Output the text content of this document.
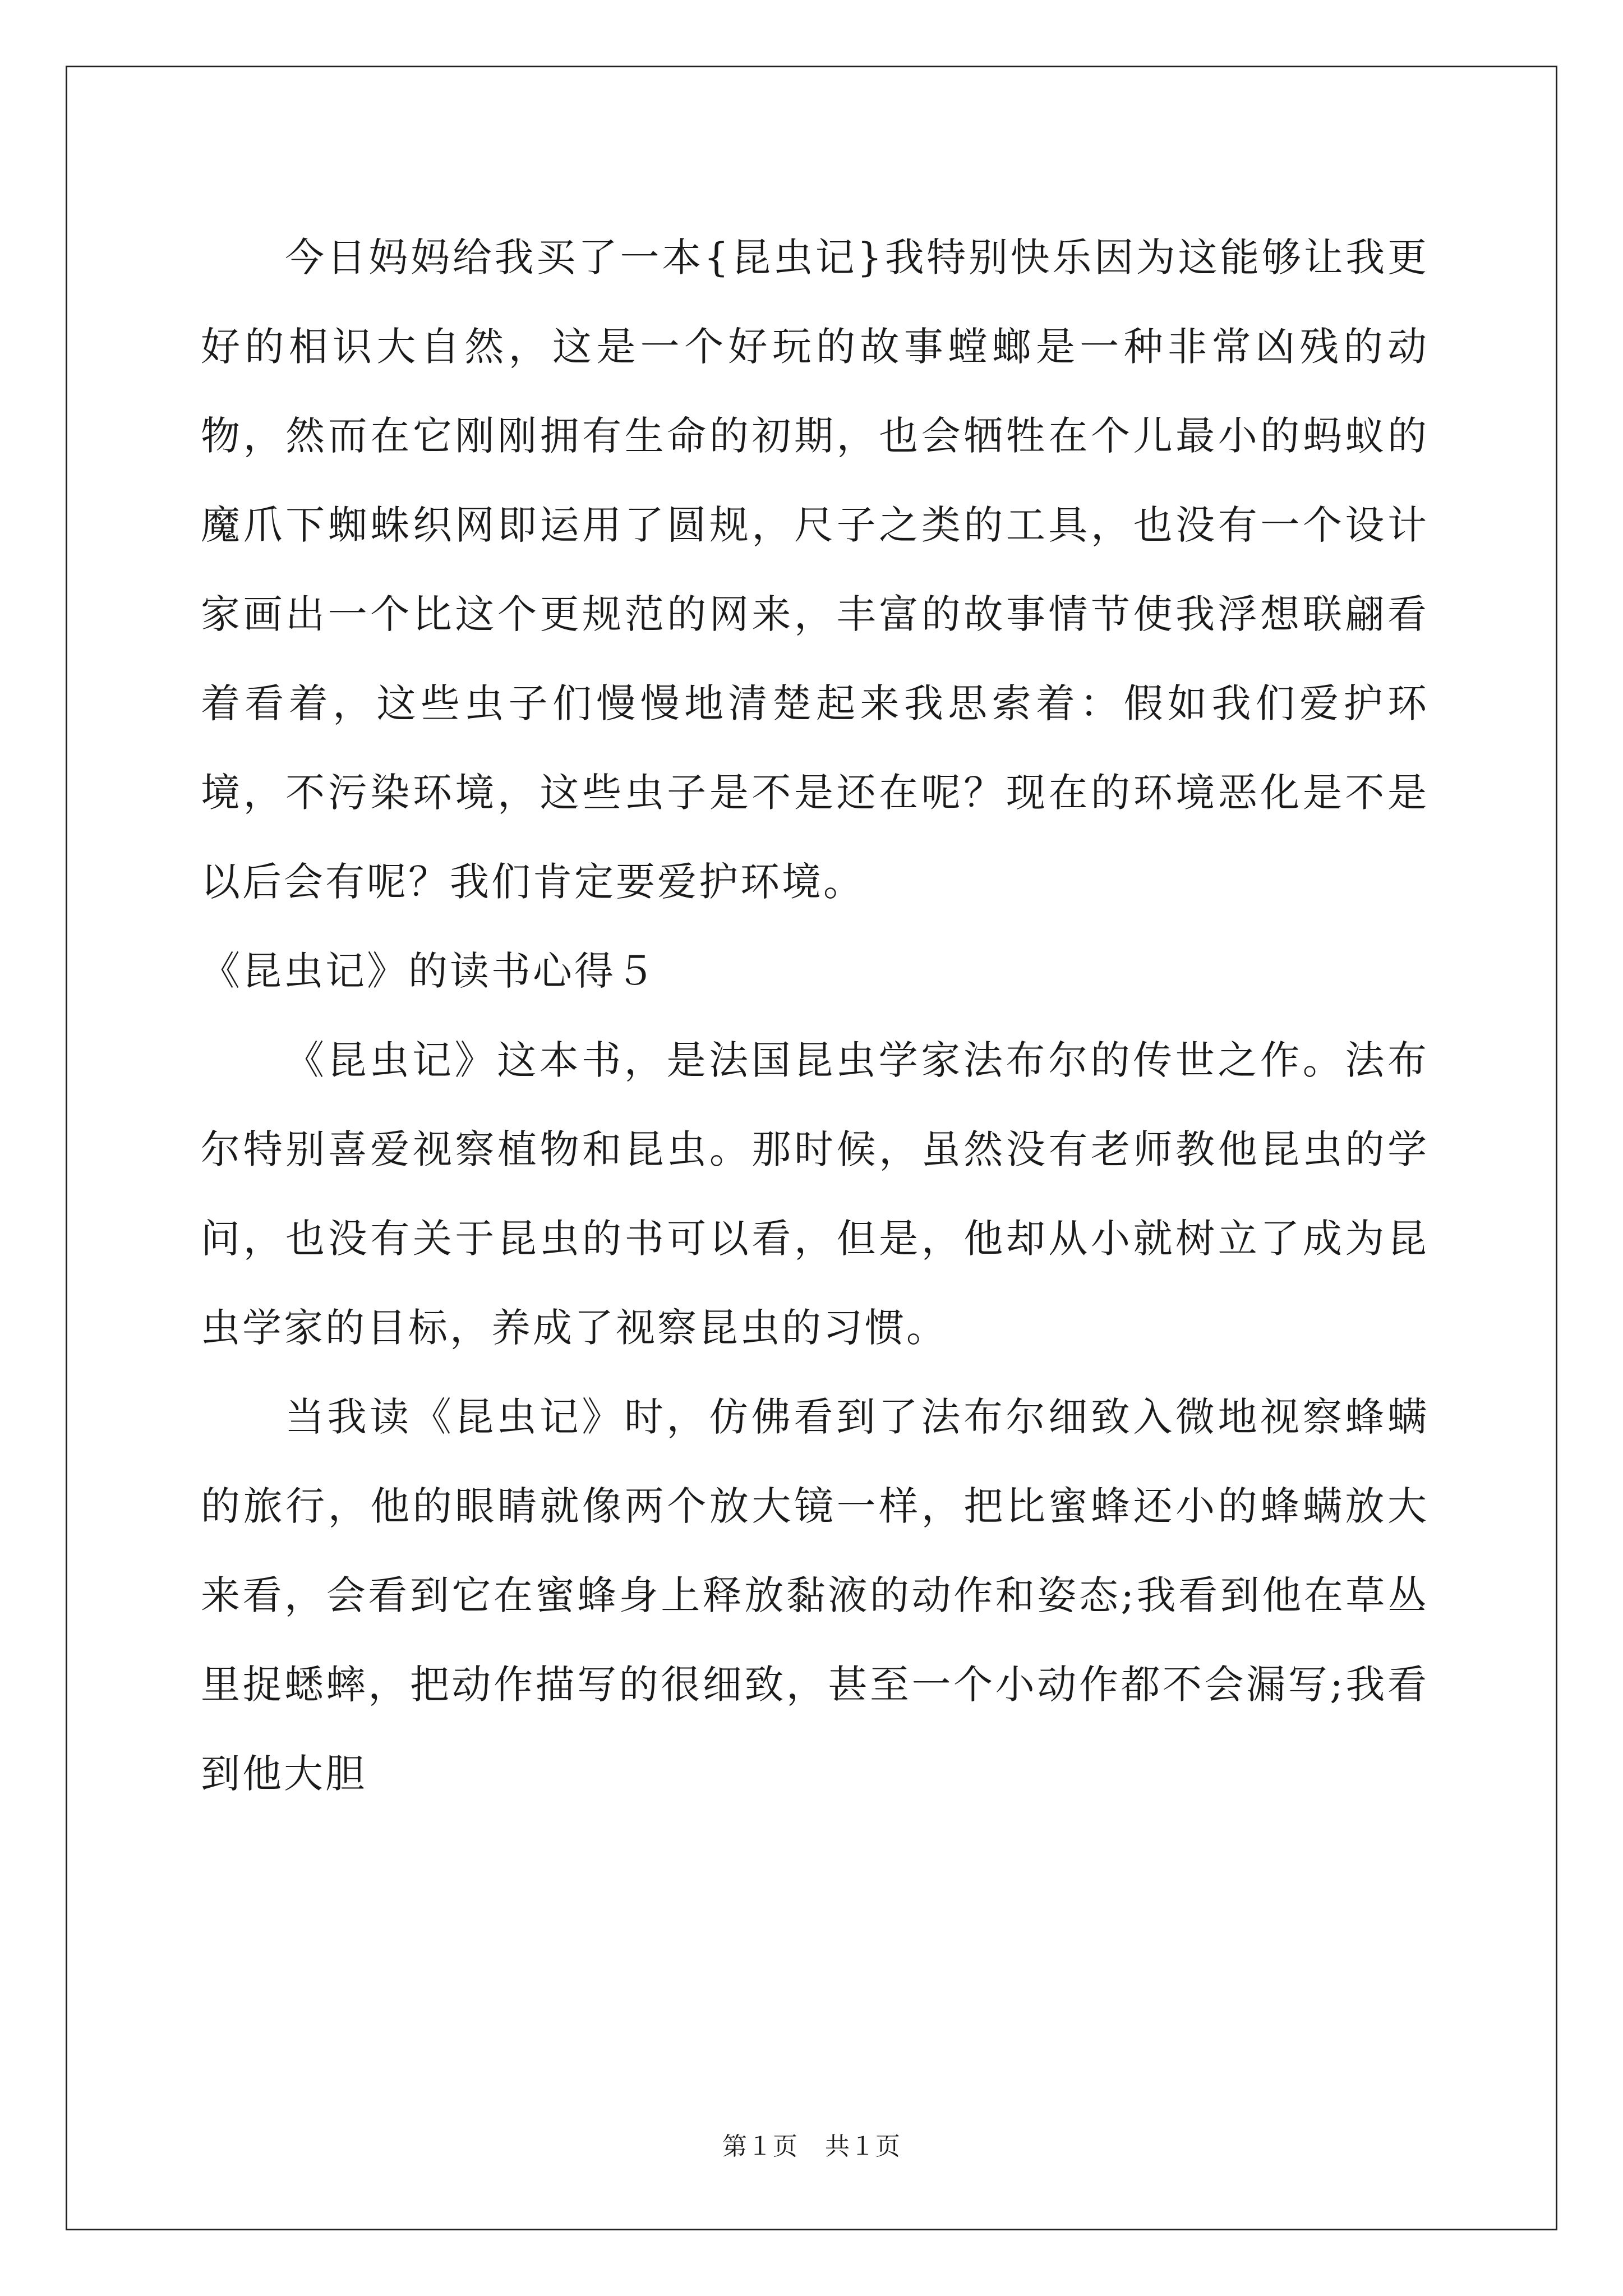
今日妈妈给我买了一本{昆虫记}我特别快乐因为这能够让我更好的相识大自然，这是一个好玩的故事螳螂是一种非常凶残的动物，然而在它刚刚拥有生命的初期，也会牺牲在个儿最小的蚂蚁的魔爪下蜘蛛织网即运用了圆规，尺子之类的工具，也没有一个设计家画出一个比这个更规范的网来，丰富的故事情节使我浮想联翩看着看着，这些虫子们慢慢地清楚起来我思索着：假如我们爱护环境，不污染环境，这些虫子是不是还在呢？现在的环境恶化是不是以后会有呢？我们肯定要爱护环境。

《昆虫记》的读书心得５

《昆虫记》这本书，是法国昆虫学家法布尔的传世之作。法布尔特别喜爱视察植物和昆虫。那时候，虽然没有老师教他昆虫的学问，也没有关于昆虫的书可以看，但是，他却从小就树立了成为昆虫学家的目标，养成了视察昆虫的习惯。

当我读《昆虫记》时，仿佛看到了法布尔细致入微地视察蜂螨的旅行，他的眼睛就像两个放大镜一样，把比蜜蜂还小的蜂螨放大来看，会看到它在蜜蜂身上释放黏液的动作和姿态;我看到他在草丛里捉蟋蟀，把动作描写的很细致，甚至一个小动作都不会漏写;我看到他大胆

第１页 共１页
